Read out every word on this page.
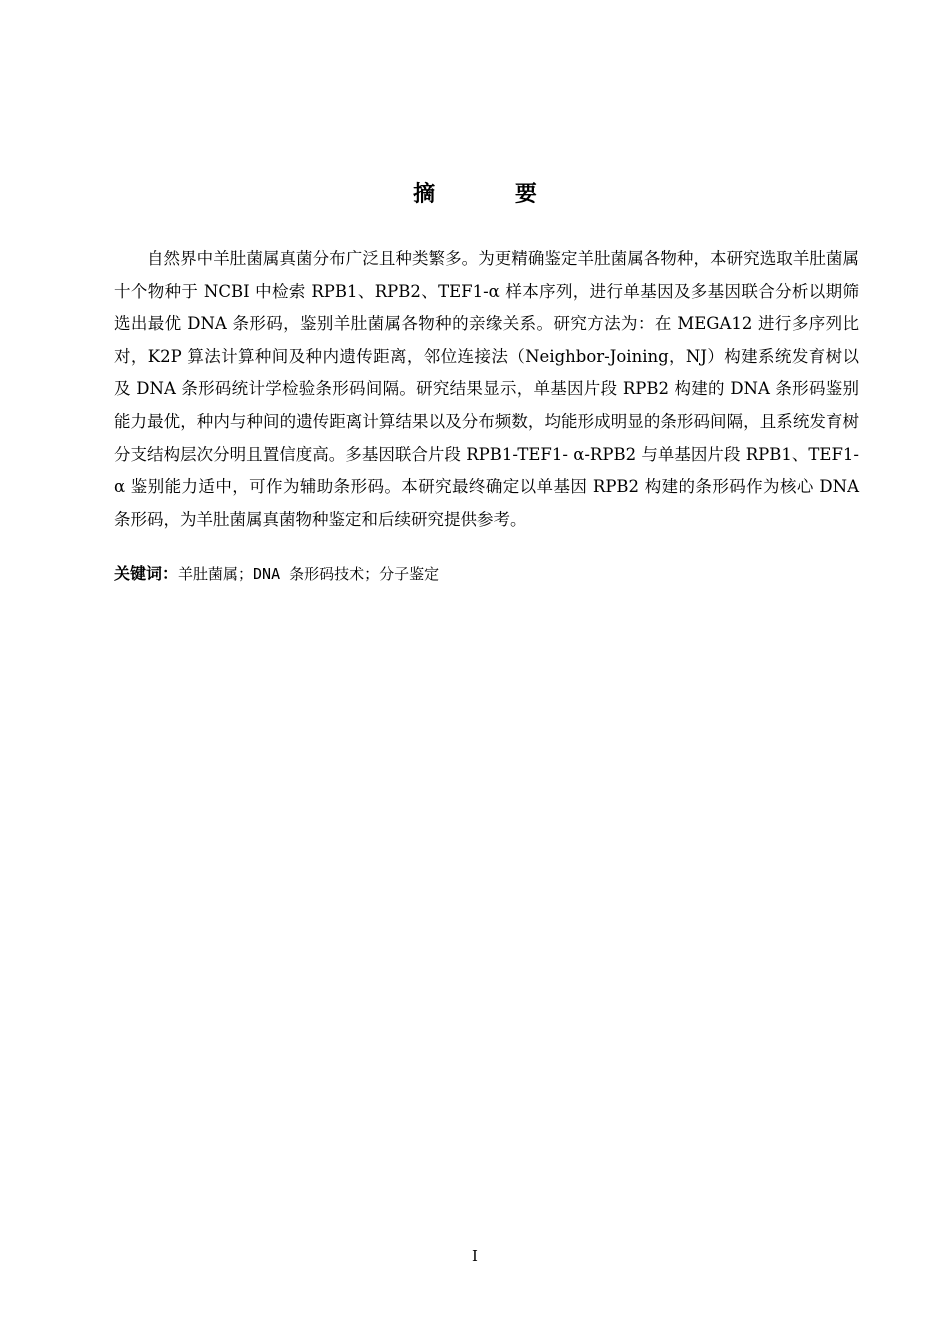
摘 要

自然界中羊肚菌属真菌分布广泛且种类繁多。为更精确鉴定羊肚菌属各物种，本研究选取羊肚菌属十个物种于 NCBI 中检索 RPB1、RPB2、TEF1-α 样本序列，进行单基因及多基因联合分析以期筛选出最优 DNA 条形码，鉴别羊肚菌属各物种的亲缘关系。研究方法为：在 MEGA12 进行多序列比对，K2P 算法计算种间及种内遗传距离，邻位连接法（Neighbor-Joining，NJ）构建系统发育树以及 DNA 条形码统计学检验条形码间隔。研究结果显示，单基因片段 RPB2 构建的 DNA 条形码鉴别能力最优，种内与种间的遗传距离计算结果以及分布频数，均能形成明显的条形码间隔，且系统发育树分支结构层次分明且置信度高。多基因联合片段 RPB1-TEF1- α-RPB2 与单基因片段 RPB1、TEF1-α 鉴别能力适中，可作为辅助条形码。本研究最终确定以单基因 RPB2 构建的条形码作为核心 DNA 条形码，为羊肚菌属真菌物种鉴定和后续研究提供参考。

关键词：羊肚菌属；DNA 条形码技术；分子鉴定
I
